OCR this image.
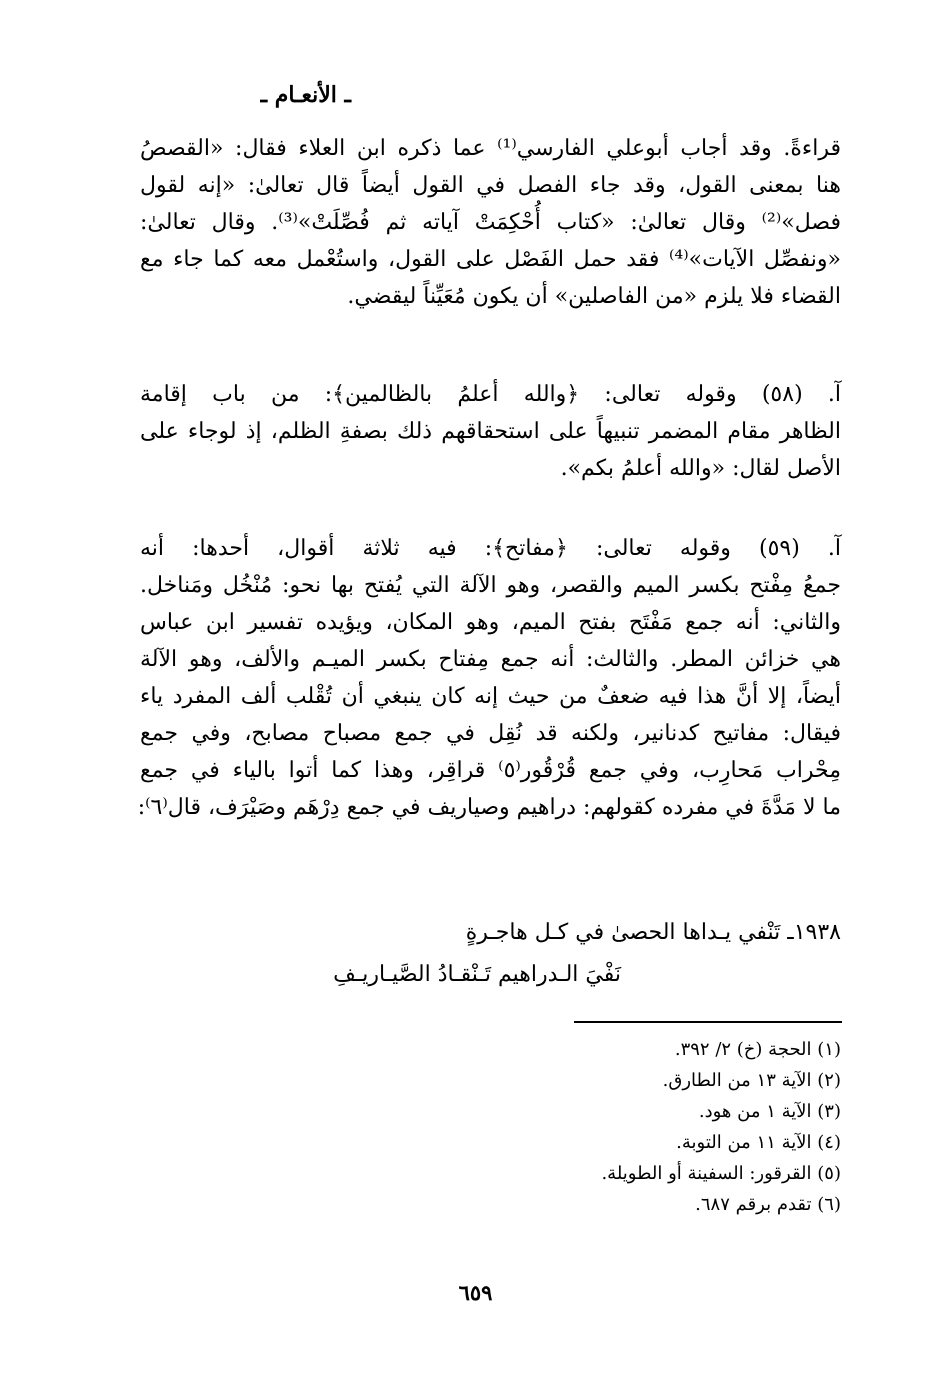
ـ الأنعـام ـ
قراءةً. وقد أجاب أبوعلي الفارسي⁽¹⁾ عما ذكره ابن العلاء فقال: «القصصُ
هنا بمعنى القول، وقد جاء الفصل في القول أيضاً قال تعالىٰ: «إنه لقول
فصل»⁽²⁾ وقال تعالىٰ: «كتاب أُحْكِمَتْ آياته ثم فُصِّلَتْ»⁽³⁾. وقال تعالىٰ:
«ونفصِّل الآيات»⁽⁴⁾ فقد حمل الفَصْل على القول، واستُعْمل معه كما جاء مع
القضاء فلا يلزم «من الفاصلين» أن يكون مُعَيِّناً ليقضي.
آ. (٥٨) وقوله تعالى: ﴿والله أعلمُ بالظالمين﴾: من باب إقامة
الظاهر مقام المضمر تنبيهاً على استحقاقهم ذلك بصفةِ الظلم، إذ لوجاء على
الأصل لقال: «والله أعلمُ بكم».
آ. (٥٩) وقوله تعالى: ﴿مفاتح﴾: فيه ثلاثة أقوال، أحدها: أنه
جمعُ مِفْتح بكسر الميم والقصر، وهو الآلة التي يُفتح بها نحو: مُنْخُل ومَناخل.
والثاني: أنه جمع مَفْتَح بفتح الميم، وهو المكان، ويؤيده تفسير ابن عباس
هي خزائن المطر. والثالث: أنه جمع مِفتاح بكسر الميـم والألف، وهو الآلة
أيضاً، إلا أنَّ هذا فيه ضعفٌ من حيث إنه كان ينبغي أن تُقْلب ألف المفرد ياء
فيقال: مفاتيح كدنانير، ولكنه قد نُقِل في جمع مصباح مصابح، وفي جمع
مِحْراب مَحارِب، وفي جمع قُرْقُور⁽٥⁾ قراقِر، وهذا كما أتوا بالياء في جمع
ما لا مَدَّةَ في مفرده كقولهم: دراهيم وصياريف في جمع دِرْهَم وصَيْرَف، قال⁽٦⁾:
١٩٣٨ـ تَنْفي يـداها الحصىٰ في كـل هاجـرةٍ
نَفْيَ الـدراهيم تَـنْقـادُ الصَّيـاريـفِ
(١) الحجة (خ) ٢/ ٣٩٢.
(٢) الآية ١٣ من الطارق.
(٣) الآية ١ من هود.
(٤) الآية ١١ من التوبة.
(٥) القرقور: السفينة أو الطويلة.
(٦) تقدم برقم ٦٨٧.
٦٥٩
